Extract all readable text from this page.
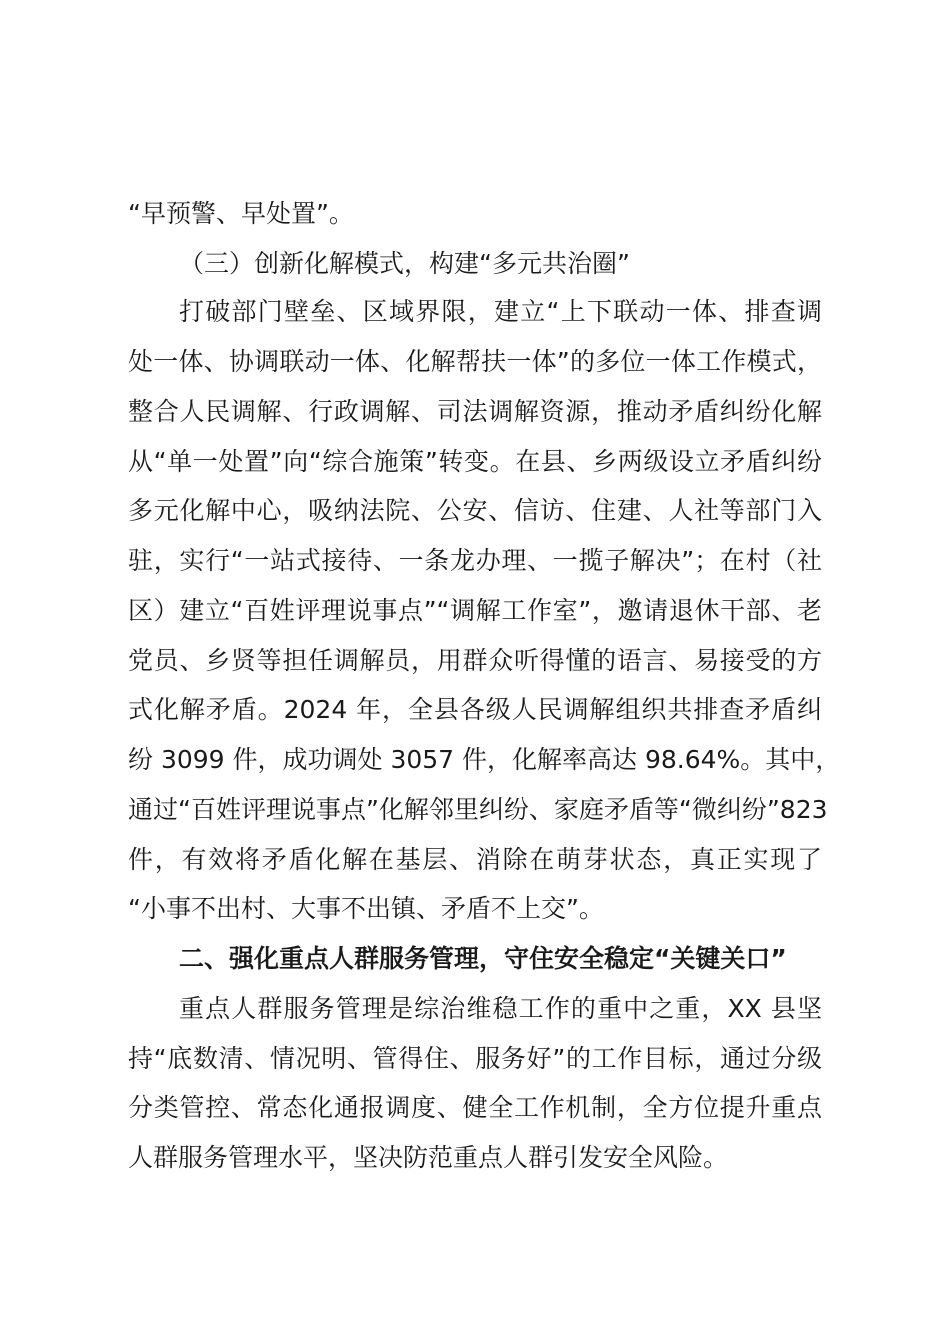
“早预警、早处置”。
（三）创新化解模式，构建“多元共治圈”
打破部门壁垒、区域界限，建立“上下联动一体、排查调
处一体、协调联动一体、化解帮扶一体”的多位一体工作模式，
整合人民调解、行政调解、司法调解资源，推动矛盾纠纷化解
从“单一处置”向“综合施策”转变。在县、乡两级设立矛盾纠纷
多元化解中心，吸纳法院、公安、信访、住建、人社等部门入
驻，实行“一站式接待、一条龙办理、一揽子解决”；在村（社
区）建立“百姓评理说事点”“调解工作室”，邀请退休干部、老
党员、乡贤等担任调解员，用群众听得懂的语言、易接受的方
式化解矛盾。2024 年，全县各级人民调解组织共排查矛盾纠
纷 3099 件，成功调处 3057 件，化解率高达 98.64%。其中，
通过“百姓评理说事点”化解邻里纠纷、家庭矛盾等“微纠纷”823
件，有效将矛盾化解在基层、消除在萌芽状态，真正实现了
“小事不出村、大事不出镇、矛盾不上交”。
二、强化重点人群服务管理，守住安全稳定“关键关口”
重点人群服务管理是综治维稳工作的重中之重，XX 县坚
持“底数清、情况明、管得住、服务好”的工作目标，通过分级
分类管控、常态化通报调度、健全工作机制，全方位提升重点
人群服务管理水平，坚决防范重点人群引发安全风险。
